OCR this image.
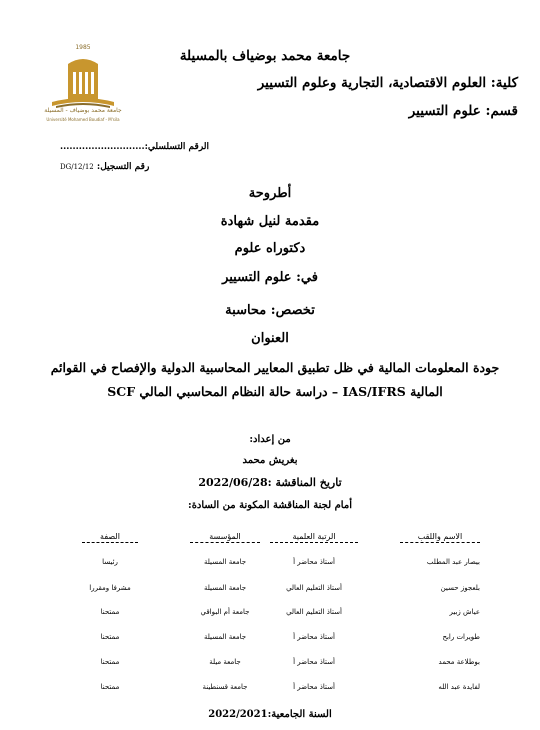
1985
جامعة محمد بوضياف - المسيلة
Université Mohamed Boudiaf - M'sila
جامعة محمد بوضياف بالمسيلة
كلية: العلوم الاقتصادية، التجارية وعلوم التسيير
قسم: علوم التسيير
الرقم التسلسلي:...........................
DG/12/12 رقم التسجيل:
أطروحة
مقدمة لنيل شهادة
دكتوراه علوم
في: علوم التسيير
تخصص: محاسبة
العنوان
جودة المعلومات المالية في ظل تطبيق المعايير المحاسبية الدولية والإفصاح في القوائم
المالية IAS/IFRS – دراسة حالة النظام المحاسبي المالي SCF
من إعداد:
بغريش محمد
تاريخ المناقشة :2022/06/28
أمام لجنة المناقشة المكونة من السادة:
الاسم واللقب
الرتبة العلمية
المؤسسة
الصفة
بيصار عبد المطلب
أستاذ محاضر أ
جامعة المسيلة
رئيسا
بلعجوز حسين
أستاذ التعليم العالي
جامعة المسيلة
مشرفا ومقررا
عياش زبير
أستاذ التعليم العالي
جامعة أم البواقي
ممتحنا
طويرات رابح
أستاذ محاضر أ
جامعة المسيلة
ممتحنا
بوطلاعة محمد
أستاذ محاضر أ
جامعة ميلة
ممتحنا
لفايدة عبد الله
أستاذ محاضر أ
جامعة قسنطينة
ممتحنا
السنة الجامعية:2022/2021
